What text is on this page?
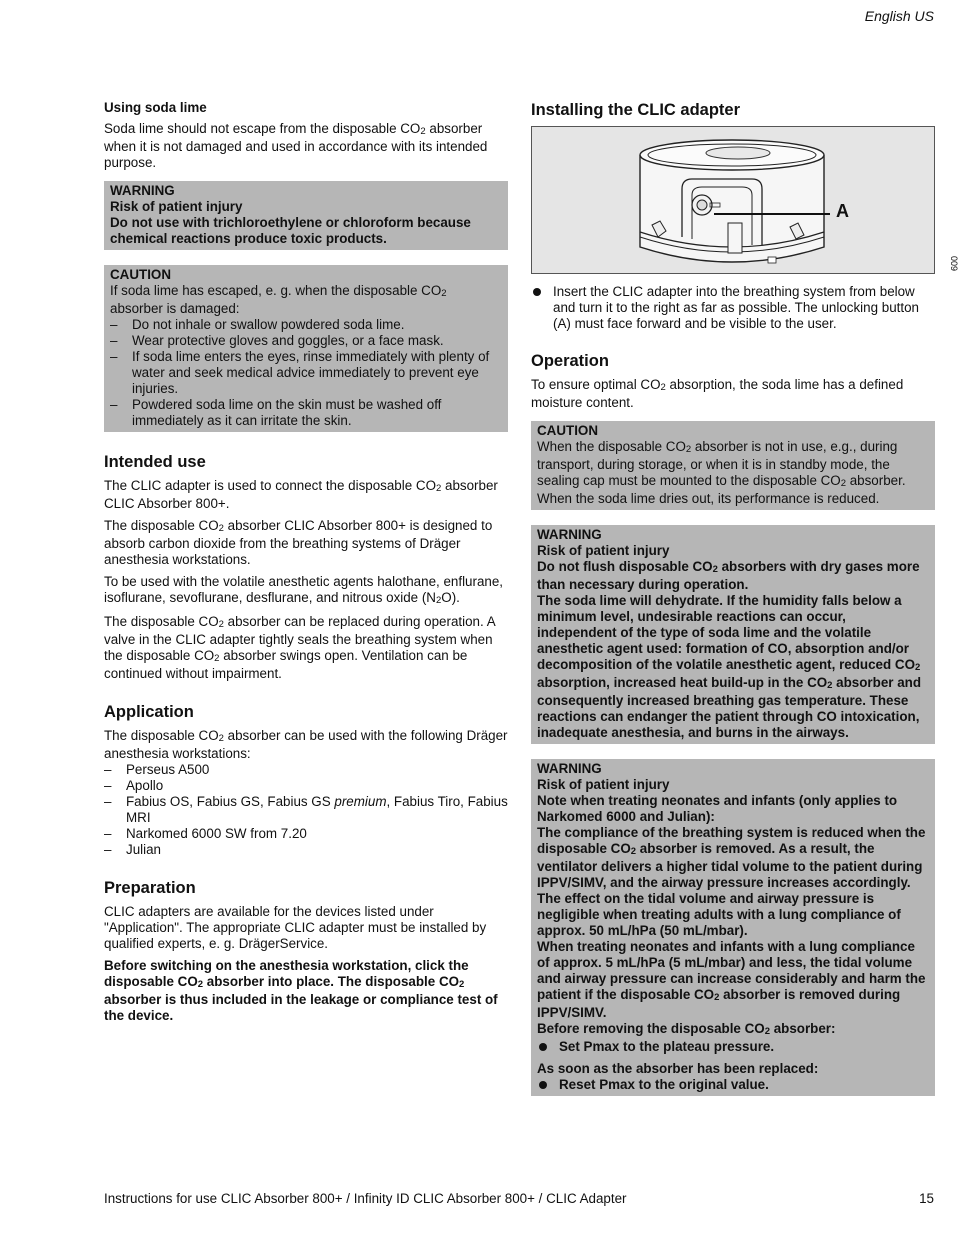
English US
Using soda lime

Soda lime should not escape from the disposable CO2 absorber when it is not damaged and used in accordance with its intended purpose.

WARNING
Risk of patient injury
Do not use with trichloroethylene or chloroform because chemical reactions produce toxic products.
CAUTION
If soda lime has escaped, e. g. when the disposable CO2 absorber is damaged:
– Do not inhale or swallow powdered soda lime.
– Wear protective gloves and goggles, or a face mask.
– If soda lime enters the eyes, rinse immediately with plenty of water and seek medical advice immediately to prevent eye injuries.
– Powdered soda lime on the skin must be washed off immediately as it can irritate the skin.
Intended use

The CLIC adapter is used to connect the disposable CO2 absorber CLIC Absorber 800+.

The disposable CO2 absorber CLIC Absorber 800+ is designed to absorb carbon dioxide from the breathing systems of Dräger anesthesia workstations.

To be used with the volatile anesthetic agents halothane, enflurane, isoflurane, sevoflurane, desflurane, and nitrous oxide (N2O).

The disposable CO2 absorber can be replaced during operation. A valve in the CLIC adapter tightly seals the breathing system when the disposable CO2 absorber swings open. Ventilation can be continued without impairment.

Application

The disposable CO2 absorber can be used with the following Dräger anesthesia workstations:

– Perseus A500
– Apollo
– Fabius OS, Fabius GS, Fabius GS premium, Fabius Tiro, Fabius MRI
– Narkomed 6000 SW from 7.20
– Julian
Preparation

CLIC adapters are available for the devices listed under "Application". The appropriate CLIC adapter must be installed by qualified experts, e. g. DrägerService.

Before switching on the anesthesia workstation, click the disposable CO2 absorber into place. The disposable CO2 absorber is thus included in the leakage or compliance test of the device.

Installing the CLIC adapter
A
009
Insert the CLIC adapter into the breathing system from below and turn it to the right as far as possible. The unlocking button (A) must face forward and be visible to the user.
Operation

To ensure optimal CO2 absorption, the soda lime has a defined moisture content.

CAUTION
When the disposable CO2 absorber is not in use, e.g., during transport, during storage, or when it is in standby mode, the sealing cap must be mounted to the disposable CO2 absorber. When the soda lime dries out, its performance is reduced.
WARNING
Risk of patient injury
Do not flush disposable CO2 absorbers with dry gases more than necessary during operation.
The soda lime will dehydrate. If the humidity falls below a minimum level, undesirable reactions can occur, independent of the type of soda lime and the volatile anesthetic agent used: formation of CO, absorption and/or decomposition of the volatile anesthetic agent, reduced CO2 absorption, increased heat build-up in the CO2 absorber and consequently increased breathing gas temperature. These reactions can endanger the patient through CO intoxication, inadequate anesthesia, and burns in the airways.
WARNING
Risk of patient injury
Note when treating neonates and infants (only applies to Narkomed 6000 and Julian):
The compliance of the breathing system is reduced when the disposable CO2 absorber is removed. As a result, the ventilator delivers a higher tidal volume to the patient during IPPV/SIMV, and the airway pressure increases accordingly. The effect on the tidal volume and airway pressure is negligible when treating adults with a lung compliance of approx. 50 mL/hPa (50 mL/mbar).
When treating neonates and infants with a lung compliance of approx. 5 mL/hPa (5 mL/mbar) and less, the tidal volume and airway pressure can increase considerably and harm the patient if the disposable CO2 absorber is removed during IPPV/SIMV.
Before removing the disposable CO2 absorber:
Set Pmax to the plateau pressure.
As soon as the absorber has been replaced:
Reset Pmax to the original value.
Instructions for use CLIC Absorber 800+ / Infinity ID CLIC Absorber 800+ / CLIC Adapter	15
